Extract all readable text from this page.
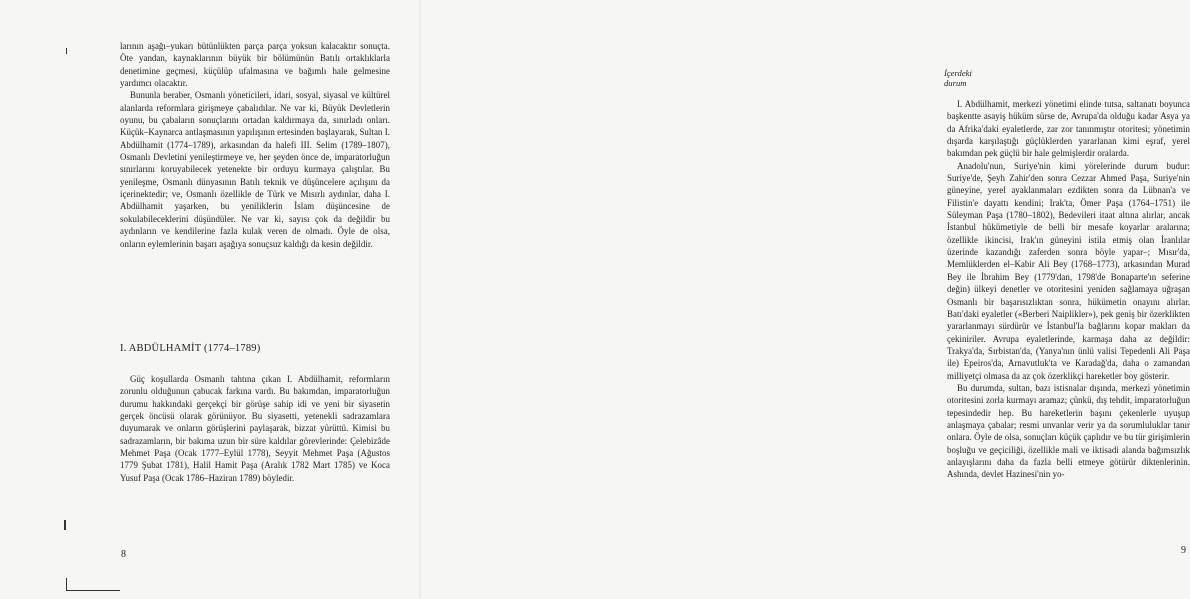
larının aşağı–yukarı bütünlükten parça parça yoksun kalacaktır sonuçta. Öte yandan, kaynaklarının büyük bir bölümünün Batılı ortaklıklarla denetimine geçmesi, küçülüp ufalmasına ve bağımlı hale gelmesine yardımcı olacaktır.

Bununla beraber, Osmanlı yöneticileri, idari, sosyal, siyasal ve kültürel alanlarda reformlara girişmeye çabalıdılar. Ne var ki, Büyük Devletlerin oyunu, bu çabaların sonuçlarını ortadan kaldırmaya da, sınırladı onları. Küçük–Kaynarca antlaşmasının yapılışının ertesinden başlayarak, Sultan I. Abdülhamit (1774–1789), arkasından da halefi III. Selim (1789–1807), Osmanlı Devletini yenileştirmeye ve, her şeyden önce de, imparatorluğun sınırlarını koruyabilecek yetenekte bir orduyu kurmaya çalıştılar. Bu yenileşme, Osmanlı dünyasının Batılı teknik ve düşüncelere açılışını da içerinektedir; ve, Osmanlı özellikle de Türk ve Mısırlı aydınlar, daha I. Abdülhamit yaşarken, bu yeniliklerin İslam düşüncesine de sokulabileceklerini düşündüler. Ne var ki, sayısı çok da değildir bu aydınların ve kendilerine fazla kulak veren de olmadı. Öyle de olsa, onların eylemlerinin başarı aşağıya sonuçsuz kaldığı da kesin değildir.

I. ABDÜLHAMİT (1774–1789)

Güç koşullarda Osmanlı tahtına çıkan I. Abdülhamit, reformların zorunlu olduğunun çabucak farkına vardı. Bu bakımdan, imparatorluğun durumu hakkındaki gerçekçi bir görüşe sahip idi ve yeni bir siyasetin gerçek öncüsü olarak görünüyor. Bu siyasetti, yetenekli sadrazamlara duyumarak ve onların görüşlerini paylaşarak, bizzat yürüttü. Kimisi bu sadrazamların, bir bakıma uzun bir süre kaldılar görevlerinde: Çelebizâde Mehmet Paşa (Ocak 1777–Eylül 1778), Seyyit Mehmet Paşa (Ağustos 1779 Şubat 1781), Halil Hamit Paşa (Aralık 1782 Mart 1785) ve Koca Yusuf Paşa (Ocak 1786–Haziran 1789) böyledir.

8
İçerdeki durum

I. Abdülhamit, merkezi yönetimi elinde tutsa, saltanatı boyunca başkentte asayiş hüküm sürse de, Avrupa'da olduğu kadar Asya ya da Afrika'daki eyaletlerde, zar zor tanınmıştır otoritesi; yönetimin dışarda karşılaştığı güçlüklerden yararlanan kimi eşraf, yerel bakımdan pek güçlü bir hale gelmişlerdir oralarda.

Anadolu'nun, Suriye'nin kimi yörelerinde durum budur: Suriye'de, Şeyh Zahir'den sonra Cezzar Ahmed Paşa, Suriye'nin güneyine, yerel ayaklanmaları ezdikten sonra da Lübnan'a ve Filistin'e dayattı kendini; Irak'ta, Ömer Paşa (1764–1751) ile Süleyman Paşa (1780–1802), Bedevileri itaat altına alırlar, ancak İstanbul hükümetiyle de belli bir mesafe koyarlar aralarına; özellikle ikincisi, Irak'ın güneyini istila etmiş olan İranlılar üzerinde kazandığı zaferden sonra böyle yapar–; Mısır'da, Memlüklerden el–Kabir Ali Bey (1768–1773), arkasından Murad Bey ile İbrahim Bey (1779'dan, 1798'de Bonaparte'ın seferine değin) ülkeyi denetler ve otoritesini yeniden sağlamaya uğraşan Osmanlı bir başarısızlıktan sonra, hükümetin onayını alırlar. Batı'daki eyaletler («Berberi Naiplikler»), pek geniş bir özerklikten yararlanmayı sürdürür ve İstanbul'la bağlarını kopar makları da çekiniriler. Avrupa eyaletlerinde, karmaşa daha az değildir: Trakya'da, Sırbistan'da, (Yanya'nın ünlü valisi Tepedenli Ali Paşa ile) Epeiros'da, Arnavutluk'ta ve Karadağ'da, daha o zamandan milliyetçi olmasa da az çok özerklikçi hareketler boy gösterir.

Bu durumda, sultan, bazı istisnalar dışında, merkezi yönetimin otoritesini zorla kurmayı aramaz; çünkü, dış tehdit, imparatorluğun tepesindedir hep. Bu hareketlerin başını çekenlerle uyuşup anlaşmaya çabalar; resmi unvanlar verir ya da sorumluluklar tanır onlara. Öyle de olsa, sonuçları küçük çaplıdır ve bu tür girişimlerin boşluğu ve geçiciliği, özellikle mali ve iktisadi alanda bağımsızlık anlayışlarını daha da fazla belli etmeye götürür diktenlerinin. Ashında, devlet Hazinesi'nin yo-

9
